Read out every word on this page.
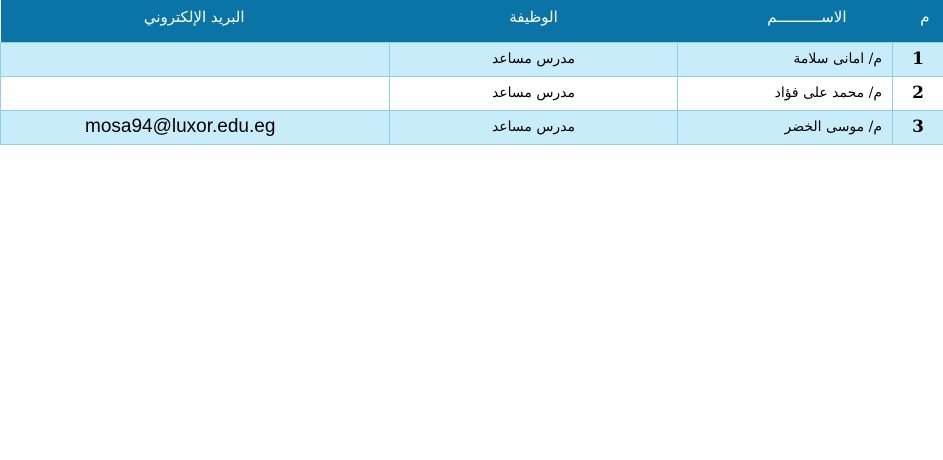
م	الاســــــــــم	الوظيفة	البريد الإلكتروني
1	م/ امانى سلامة	مدرس مساعد	
2	م/ محمد على فؤاد	مدرس مساعد	
3	م/ موسى الخضر	مدرس مساعد	mosa94@luxor.edu.eg
